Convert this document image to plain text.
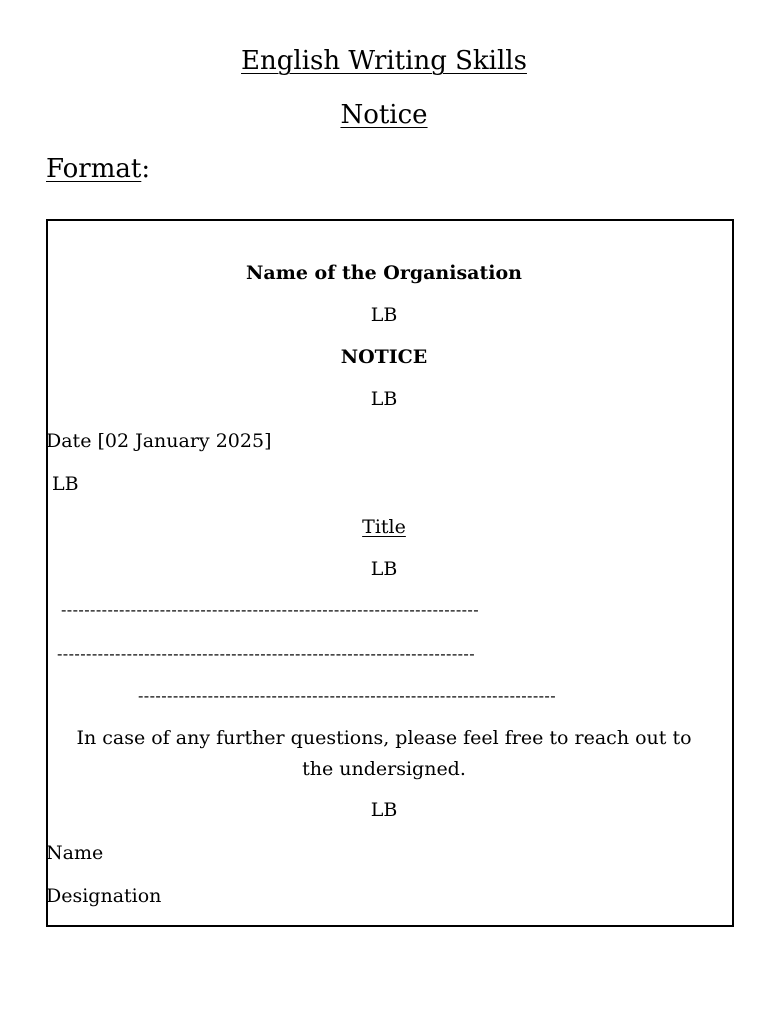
English Writing Skills
Notice
Format:
Name of the Organisation
LB
NOTICE
LB
Date [02 January 2025]
LB
Title
LB
------------------------------------------------------------------------
------------------------------------------------------------------------
------------------------------------------------------------------------
In case of any further questions, please feel free to reach out to the undersigned.
LB
Name
Designation
